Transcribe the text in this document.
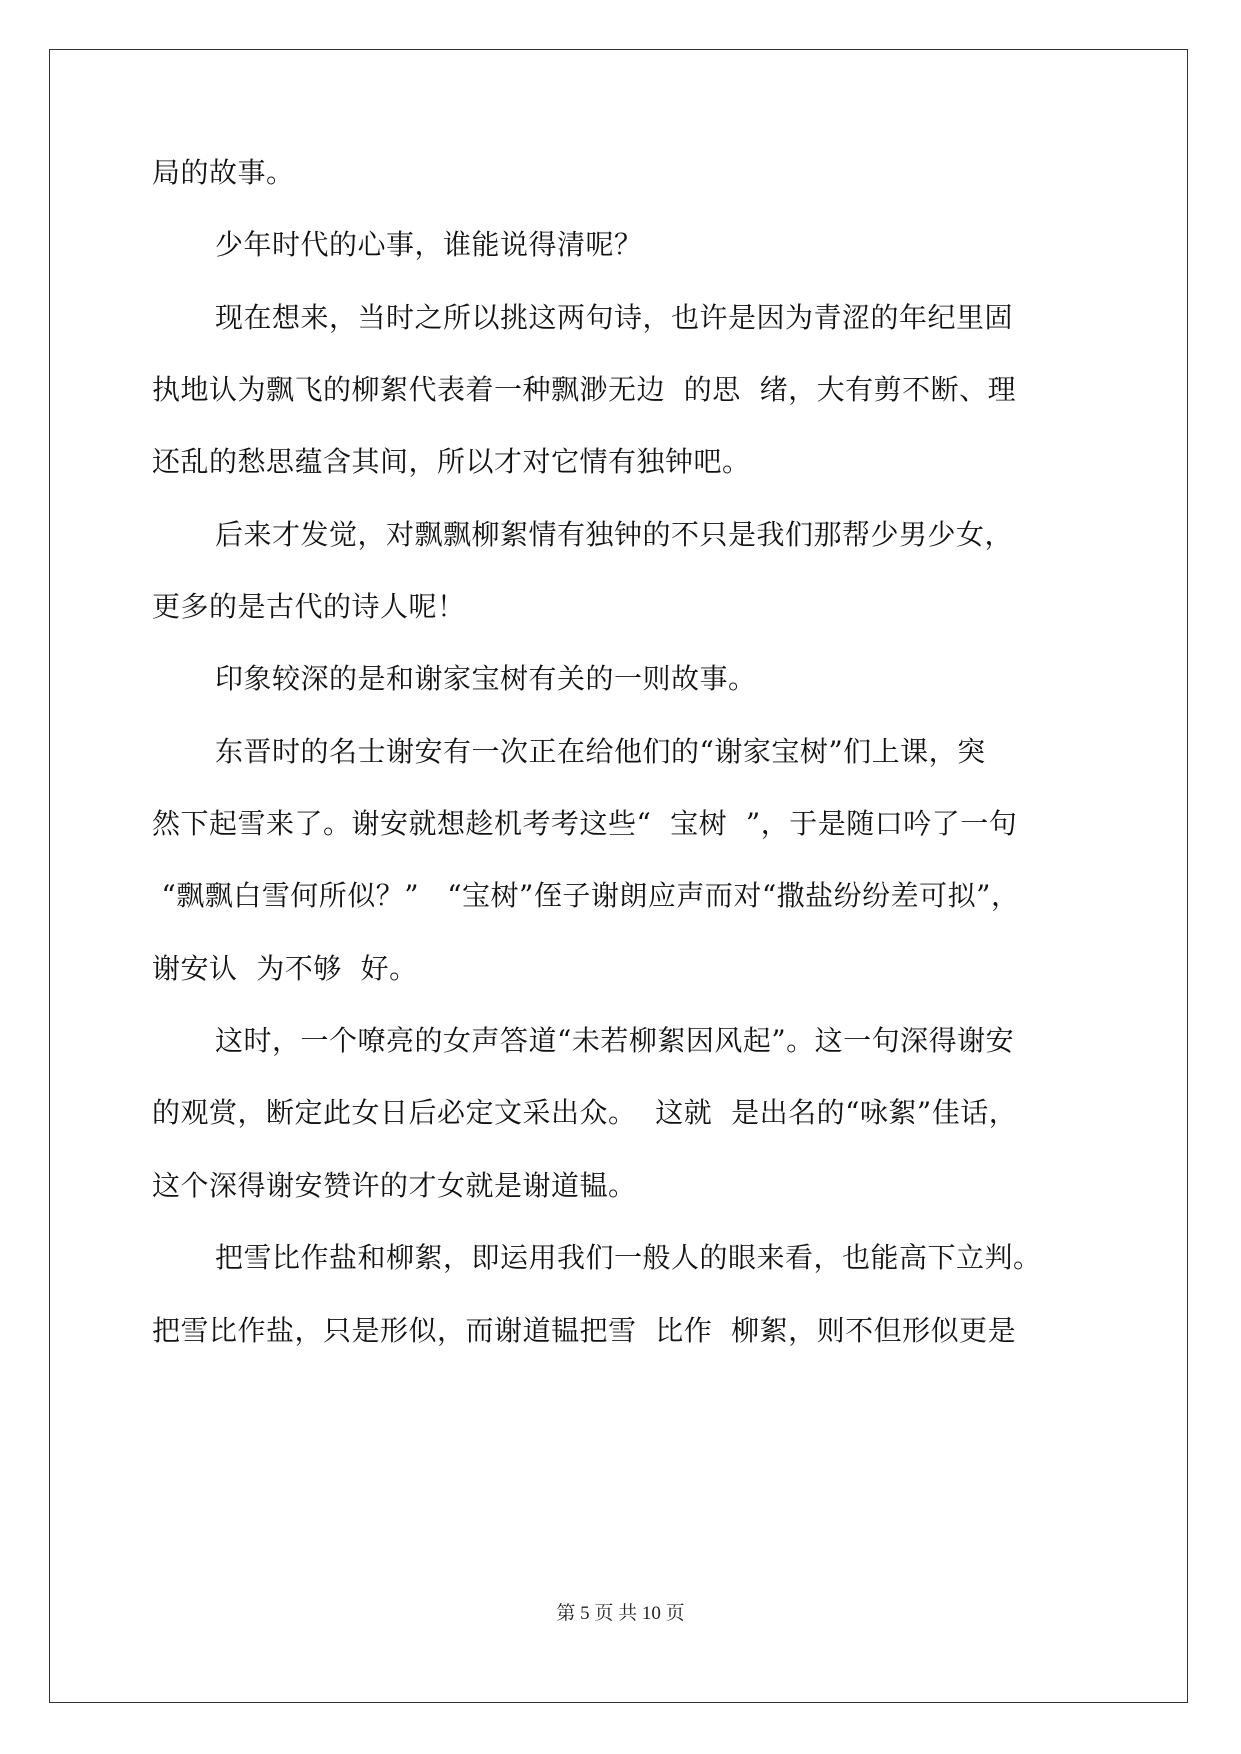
局的故事。
少年时代的心事，谁能说得清呢？
现在想来，当时之所以挑这两句诗，也许是因为青涩的年纪里固
执地认为飘飞的柳絮代表着一种飘渺无边  的思  绪，大有剪不断、理
还乱的愁思蕴含其间，所以才对它情有独钟吧。
后来才发觉，对飘飘柳絮情有独钟的不只是我们那帮少男少女，
更多的是古代的诗人呢！
印象较深的是和谢家宝树有关的一则故事。
东晋时的名士谢安有一次正在给他们的“谢家宝树”们上课，突
然下起雪来了。谢安就想趁机考考这些“  宝树  ”，于是随口吟了一句
“飘飘白雪何所似？”   “宝树”侄子谢朗应声而对“撒盐纷纷差可拟”，
谢安认  为不够  好。
这时，一个嘹亮的女声答道“未若柳絮因风起”。这一句深得谢安
的观赏，断定此女日后必定文采出众。  这就  是出名的“咏絮”佳话，
这个深得谢安赞许的才女就是谢道韫。
把雪比作盐和柳絮，即运用我们一般人的眼来看，也能高下立判。
把雪比作盐，只是形似，而谢道韫把雪  比作  柳絮，则不但形似更是
第 5 页 共 10 页
